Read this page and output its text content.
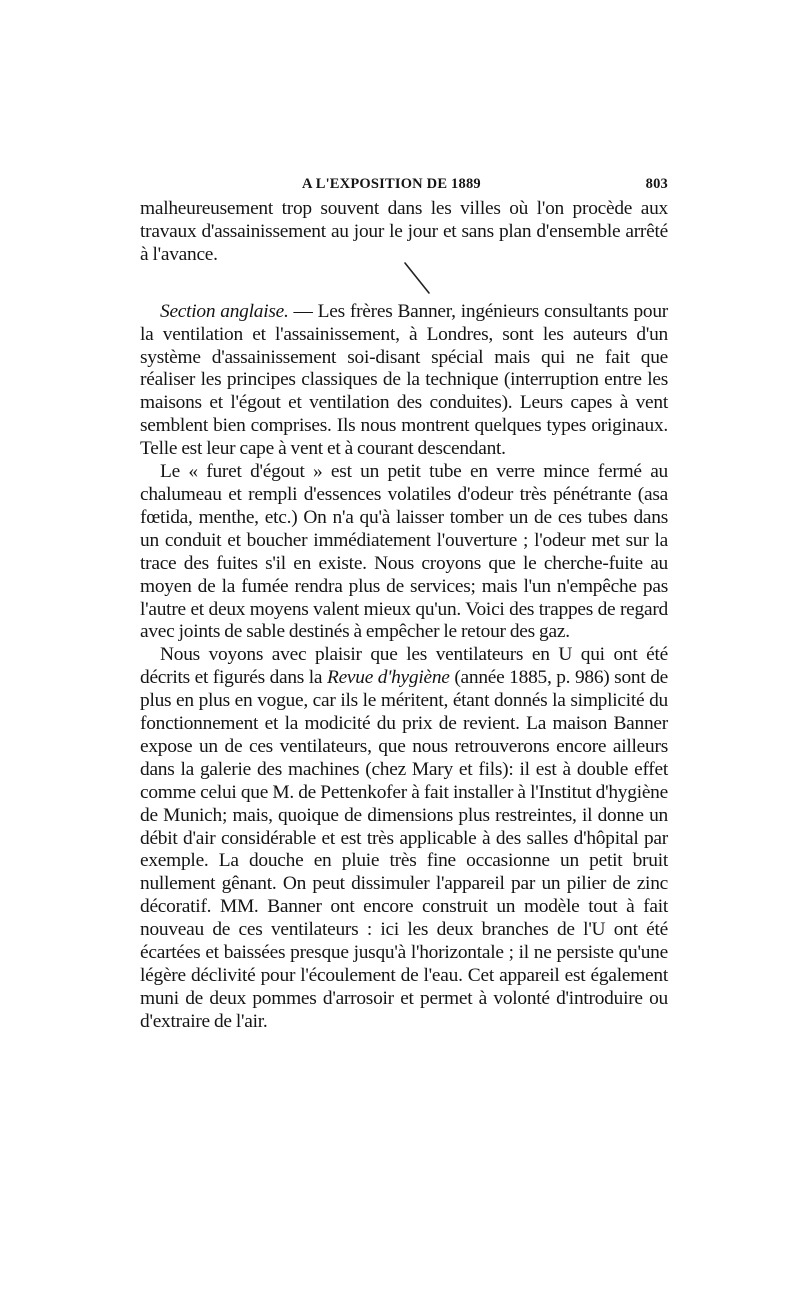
A L'EXPOSITION DE 1889	803

malheureusement trop souvent dans les villes où l'on procède aux travaux d'assainissement au jour le jour et sans plan d'ensemble arrêté à l'avance.

Section anglaise. — Les frères Banner, ingénieurs consultants pour la ventilation et l'assainissement, à Londres, sont les auteurs d'un système d'assainissement soi-disant spécial mais qui ne fait que réaliser les principes classiques de la technique (interruption entre les maisons et l'égout et ventilation des conduites). Leurs capes à vent semblent bien comprises. Ils nous montrent quelques types originaux. Telle est leur cape à vent et à courant descendant.

Le « furet d'égout » est un petit tube en verre mince fermé au chalumeau et rempli d'essences volatiles d'odeur très pénétrante (asa fœtida, menthe, etc.) On n'a qu'à laisser tomber un de ces tubes dans un conduit et boucher immédiatement l'ouverture ; l'odeur met sur la trace des fuites s'il en existe. Nous croyons que le cherche-fuite au moyen de la fumée rendra plus de services; mais l'un n'empêche pas l'autre et deux moyens valent mieux qu'un. Voici des trappes de regard avec joints de sable destinés à empêcher le retour des gaz.

Nous voyons avec plaisir que les ventilateurs en U qui ont été décrits et figurés dans la Revue d'hygiène (année 1885, p. 986) sont de plus en plus en vogue, car ils le méritent, étant donnés la simplicité du fonctionnement et la modicité du prix de revient. La maison Banner expose un de ces ventilateurs, que nous retrouverons encore ailleurs dans la galerie des machines (chez Mary et fils): il est à double effet comme celui que M. de Pettenkofer à fait installer à l'Institut d'hygiène de Munich; mais, quoique de dimensions plus restreintes, il donne un débit d'air considérable et est très applicable à des salles d'hôpital par exemple. La douche en pluie très fine occasionne un petit bruit nullement gênant. On peut dissimuler l'appareil par un pilier de zinc décoratif. MM. Banner ont encore construit un modèle tout à fait nouveau de ces ventilateurs : ici les deux branches de l'U ont été écartées et baissées presque jusqu'à l'horizontale ; il ne persiste qu'une légère déclivité pour l'écoulement de l'eau. Cet appareil est également muni de deux pommes d'arrosoir et permet à volonté d'introduire ou d'extraire de l'air.
